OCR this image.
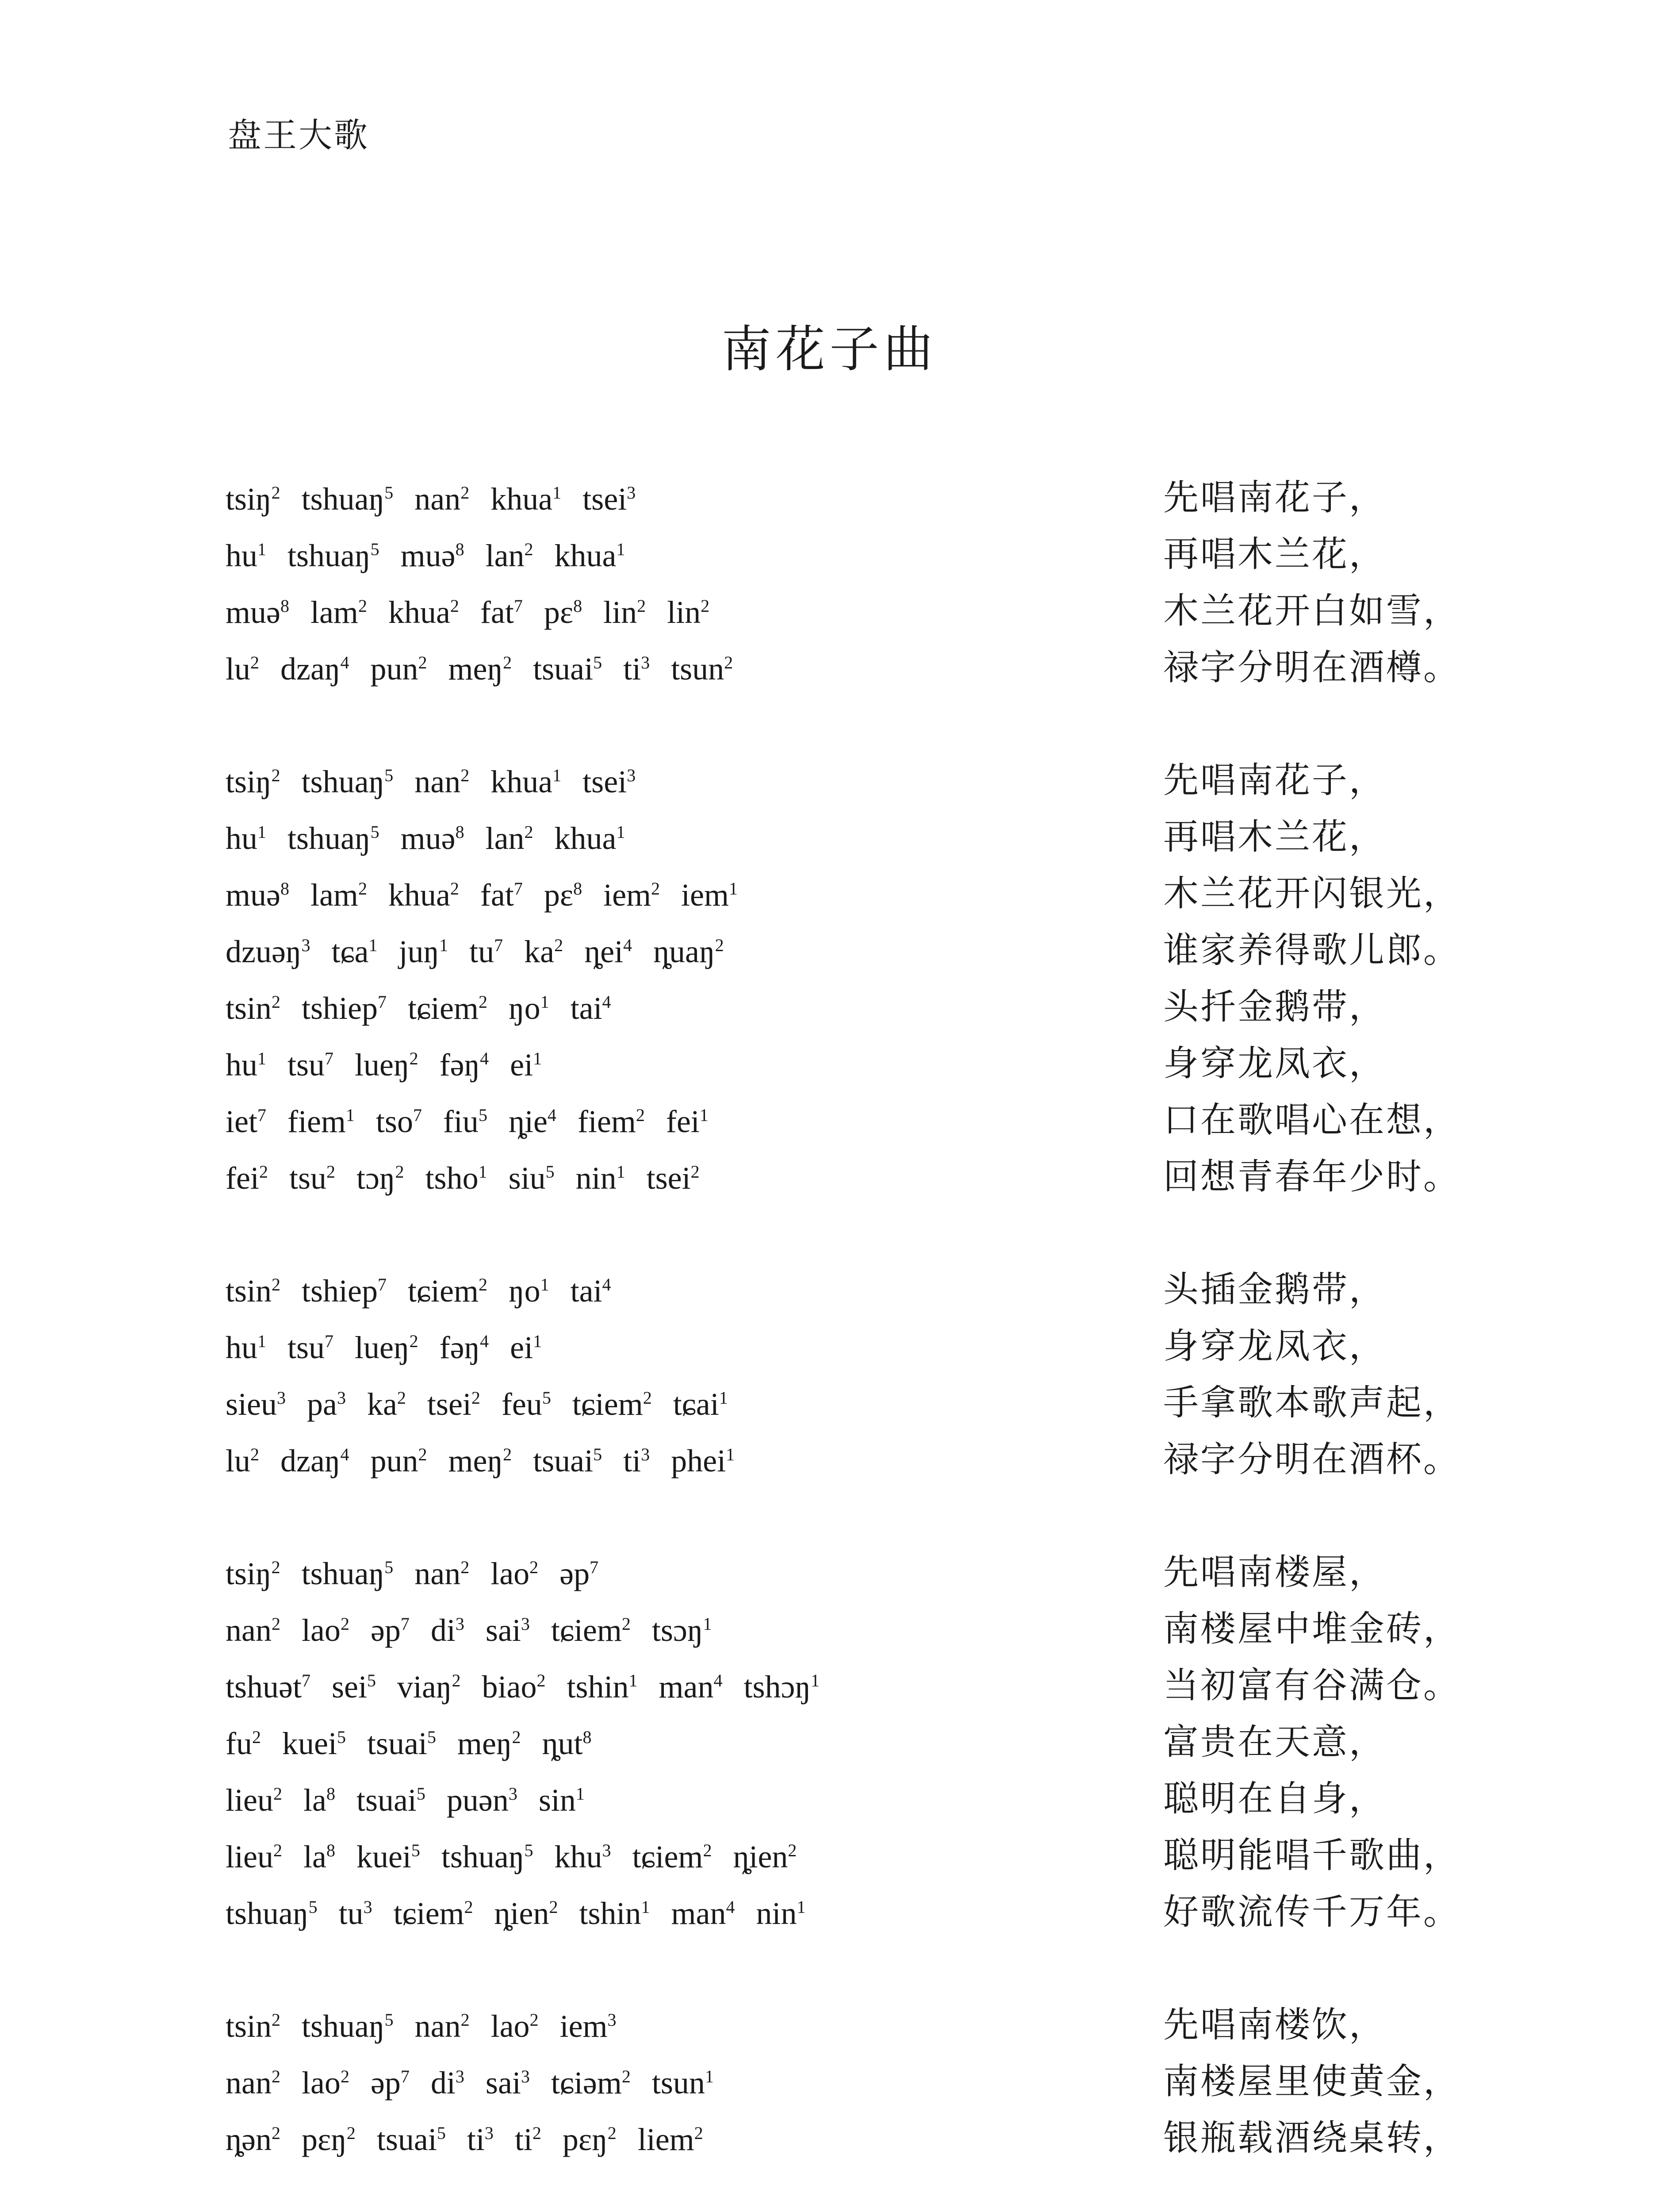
盘王大歌
南花子曲
tsiŋ$^2$ tshuaŋ$^5$ nan$^2$ khua$^1$ tsei$^3$	先唱南花子，
$hu^1$ tshuaŋ$^5$ muə$^8$ lan$^2$ khua$^1$	再唱木兰花，
muə$^8$ lam$^2$ khua$^2$ fat$^7$ pɛ$^8$ lin$^2$ lin$^2$	木兰花开白如雪，
$lu^2$ dzaŋ$^4$ pun$^2$ meŋ$^2$ tsuai$^5$ $ti^3$ tsun$^2$	禄字分明在酒樽。
tsiŋ$^2$ tshuaŋ$^5$ nan$^2$ khua$^1$ tsei$^3$	先唱南花子，
$hu^1$ tshuaŋ$^5$ muə$^8$ lan$^2$ khua$^1$	再唱木兰花，
muə$^8$ lam$^2$ khua$^2$ fat$^7$ pɛ$^8$ iem$^2$ iem$^1$	木兰花开闪银光，
dzuəŋ$^3$ tɕa$^1$ juŋ$^1$ $tu^7$ $ka^2$ ȵei$^4$ ȵuaŋ$^2$	谁家养得歌儿郎。
tsin$^2$ tshiep$^7$ tɕiem$^2$ $ŋo^1$ tai$^4$	头扦金鹅带，
$hu^1$ tsu$^7$ lueŋ$^2$ fəŋ$^4$ $ei^1$	身穿龙凤衣，
iet$^7$ fiem$^1$ tso$^7$ fiu$^5$ ȵie$^4$ fiem$^2$ fei$^1$	口在歌唱心在想，
fei$^2$ tsu$^2$ tɔŋ$^2$ tsho$^1$ siu$^5$ nin$^1$ tsei$^2$	回想青春年少时。
tsin$^2$ tshiep$^7$ tɕiem$^2$ $ŋo^1$ tai$^4$	头插金鹅带，
$hu^1$ tsu$^7$ lueŋ$^2$ fəŋ$^4$ $ei^1$	身穿龙凤衣，
sieu$^3$ $pa^3$ $ka^2$ tsei$^2$ feu$^5$ tɕiem$^2$ tɕai$^1$	手拿歌本歌声起，
$lu^2$ dzaŋ$^4$ pun$^2$ meŋ$^2$ tsuai$^5$ $ti^3$ phei$^1$	禄字分明在酒杯。
tsiŋ$^2$ tshuaŋ$^5$ nan$^2$ lao$^2$ əp$^7$	先唱南楼屋，
nan$^2$ lao$^2$ əp$^7$ $di^3$ sai$^3$ tɕiem$^2$ tsɔŋ$^1$	南楼屋中堆金砖，
tshuət$^7$ sei$^5$ viaŋ$^2$ biao$^2$ tshin$^1$ man$^4$ tshɔŋ$^1$	当初富有谷满仓。
$fu^2$ kuei$^5$ tsuai$^5$ meŋ$^2$ ȵut$^8$	富贵在天意，
lieu$^2$ $la^8$ tsuai$^5$ puən$^3$ $\sin^1$	聪明在自身，
lieu$^2$ $la^8$ kuei$^5$ tshuaŋ$^5$ khu$^3$ tɕiem$^2$ ȵien$^2$	聪明能唱千歌曲，
tshuaŋ$^5$ $tu^3$ tɕiem$^2$ ȵien$^2$ tshin$^1$ man$^4$ nin$^1$	好歌流传千万年。
tsin$^2$ tshuaŋ$^5$ nan$^2$ lao$^2$ iem$^3$	先唱南楼饮，
nan$^2$ lao$^2$ əp$^7$ $di^3$ sai$^3$ tɕiəm$^2$ tsun$^1$	南楼屋里使黄金，
ȵən$^2$ pɛŋ$^2$ tsuai$^5$ $ti^3$ $ti^2$ pɛŋ$^2$ liem$^2$	银瓶载酒绕桌转，
